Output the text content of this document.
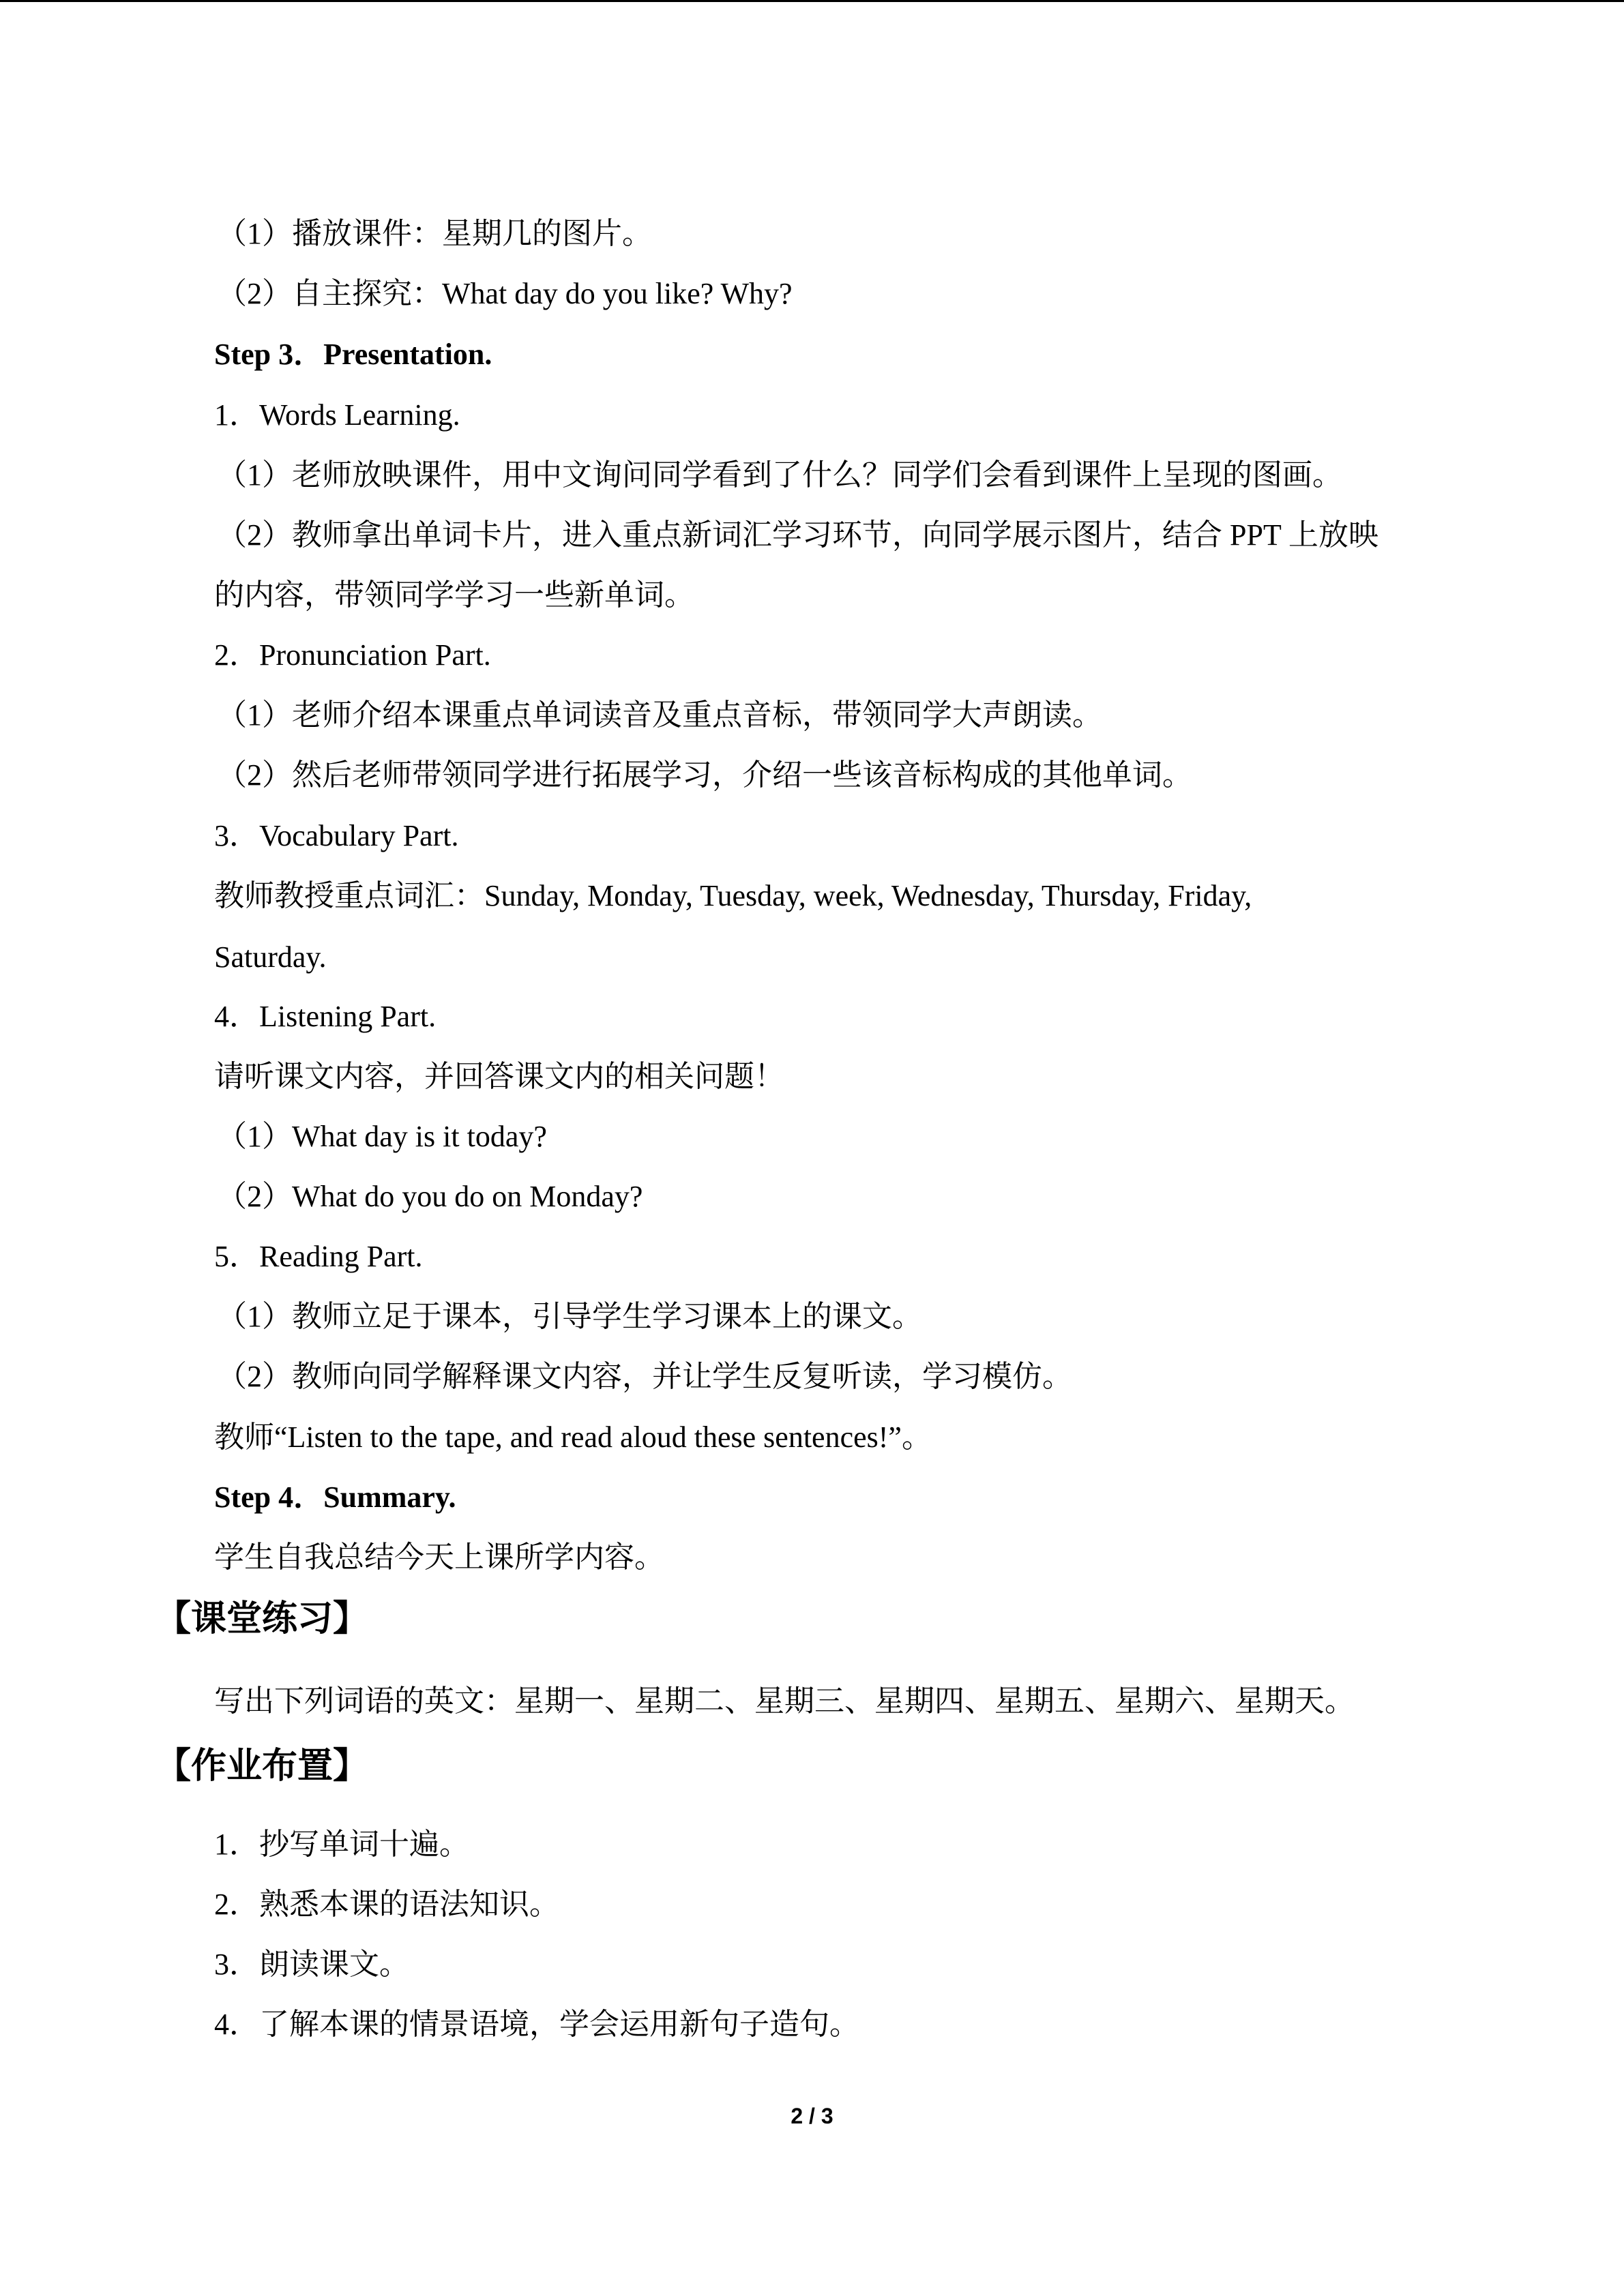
（1）播放课件：星期几的图片。
（2）自主探究：What day do you like? Why?
Step 3．Presentation.
1．Words Learning.
（1）老师放映课件，用中文询问同学看到了什么？同学们会看到课件上呈现的图画。
（2）教师拿出单词卡片，进入重点新词汇学习环节，向同学展示图片，结合 PPT 上放映
的内容，带领同学学习一些新单词。
2．Pronunciation Part.
（1）老师介绍本课重点单词读音及重点音标，带领同学大声朗读。
（2）然后老师带领同学进行拓展学习，介绍一些该音标构成的其他单词。
3．Vocabulary Part.
教师教授重点词汇：Sunday, Monday, Tuesday, week, Wednesday, Thursday, Friday,
Saturday.
4．Listening Part.
请听课文内容，并回答课文内的相关问题！
（1）What day is it today?
（2）What do you do on Monday?
5．Reading Part.
（1）教师立足于课本，引导学生学习课本上的课文。
（2）教师向同学解释课文内容，并让学生反复听读，学习模仿。
教师“Listen to the tape, and read aloud these sentences!”。
Step 4．Summary.
学生自我总结今天上课所学内容。
【课堂练习】
写出下列词语的英文：星期一、星期二、星期三、星期四、星期五、星期六、星期天。
【作业布置】
1．抄写单词十遍。
2．熟悉本课的语法知识。
3．朗读课文。
4．了解本课的情景语境，学会运用新句子造句。
2 / 3
